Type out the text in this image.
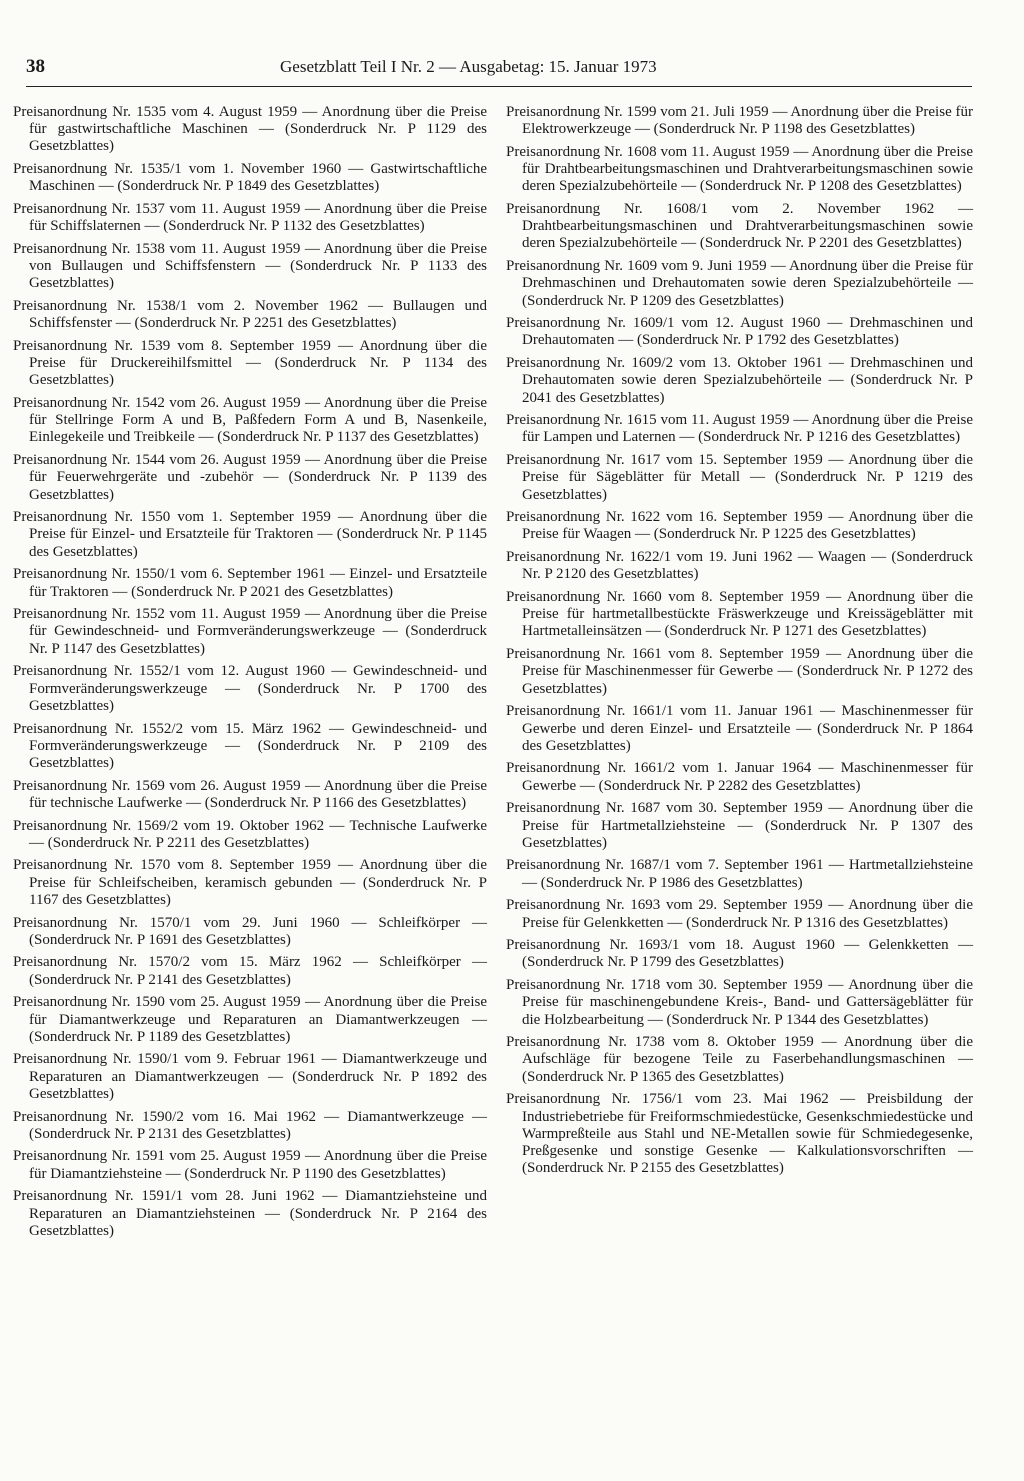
38	Gesetzblatt Teil I Nr. 2 — Ausgabetag: 15. Januar 1973

Preisanordnung Nr. 1535 vom 4. August 1959 — Anordnung über die Preise für gastwirtschaftliche Maschinen — (Sonderdruck Nr. P 1129 des Gesetzblattes)

Preisanordnung Nr. 1535/1 vom 1. November 1960 — Gastwirtschaftliche Maschinen — (Sonderdruck Nr. P 1849 des Gesetzblattes)

Preisanordnung Nr. 1537 vom 11. August 1959 — Anordnung über die Preise für Schiffslaternen — (Sonderdruck Nr. P 1132 des Gesetzblattes)

Preisanordnung Nr. 1538 vom 11. August 1959 — Anordnung über die Preise von Bullaugen und Schiffsfenstern — (Sonderdruck Nr. P 1133 des Gesetzblattes)

Preisanordnung Nr. 1538/1 vom 2. November 1962 — Bullaugen und Schiffsfenster — (Sonderdruck Nr. P 2251 des Gesetzblattes)

Preisanordnung Nr. 1539 vom 8. September 1959 — Anordnung über die Preise für Druckereihilfsmittel — (Sonderdruck Nr. P 1134 des Gesetzblattes)

Preisanordnung Nr. 1542 vom 26. August 1959 — Anordnung über die Preise für Stellringe Form A und B, Paßfedern Form A und B, Nasenkeile, Einlegekeile und Treibkeile — (Sonderdruck Nr. P 1137 des Gesetzblattes)

Preisanordnung Nr. 1544 vom 26. August 1959 — Anordnung über die Preise für Feuerwehrgeräte und -zubehör — (Sonderdruck Nr. P 1139 des Gesetzblattes)

Preisanordnung Nr. 1550 vom 1. September 1959 — Anordnung über die Preise für Einzel- und Ersatzteile für Traktoren — (Sonderdruck Nr. P 1145 des Gesetzblattes)

Preisanordnung Nr. 1550/1 vom 6. September 1961 — Einzel- und Ersatzteile für Traktoren — (Sonderdruck Nr. P 2021 des Gesetzblattes)

Preisanordnung Nr. 1552 vom 11. August 1959 — Anordnung über die Preise für Gewindeschneid- und Formveränderungswerkzeuge — (Sonderdruck Nr. P 1147 des Gesetzblattes)

Preisanordnung Nr. 1552/1 vom 12. August 1960 — Gewindeschneid- und Formveränderungswerkzeuge — (Sonderdruck Nr. P 1700 des Gesetzblattes)

Preisanordnung Nr. 1552/2 vom 15. März 1962 — Gewindeschneid- und Formveränderungswerkzeuge — (Sonderdruck Nr. P 2109 des Gesetzblattes)

Preisanordnung Nr. 1569 vom 26. August 1959 — Anordnung über die Preise für technische Laufwerke — (Sonderdruck Nr. P 1166 des Gesetzblattes)

Preisanordnung Nr. 1569/2 vom 19. Oktober 1962 — Technische Laufwerke — (Sonderdruck Nr. P 2211 des Gesetzblattes)

Preisanordnung Nr. 1570 vom 8. September 1959 — Anordnung über die Preise für Schleifscheiben, keramisch gebunden — (Sonderdruck Nr. P 1167 des Gesetzblattes)

Preisanordnung Nr. 1570/1 vom 29. Juni 1960 — Schleifkörper — (Sonderdruck Nr. P 1691 des Gesetzblattes)

Preisanordnung Nr. 1570/2 vom 15. März 1962 — Schleifkörper — (Sonderdruck Nr. P 2141 des Gesetzblattes)

Preisanordnung Nr. 1590 vom 25. August 1959 — Anordnung über die Preise für Diamantwerkzeuge und Reparaturen an Diamantwerkzeugen — (Sonderdruck Nr. P 1189 des Gesetzblattes)

Preisanordnung Nr. 1590/1 vom 9. Februar 1961 — Diamantwerkzeuge und Reparaturen an Diamantwerkzeugen — (Sonderdruck Nr. P 1892 des Gesetzblattes)

Preisanordnung Nr. 1590/2 vom 16. Mai 1962 — Diamantwerkzeuge — (Sonderdruck Nr. P 2131 des Gesetzblattes)

Preisanordnung Nr. 1591 vom 25. August 1959 — Anordnung über die Preise für Diamantziehsteine — (Sonderdruck Nr. P 1190 des Gesetzblattes)

Preisanordnung Nr. 1591/1 vom 28. Juni 1962 — Diamantziehsteine und Reparaturen an Diamantziehsteinen — (Sonderdruck Nr. P 2164 des Gesetzblattes)

Preisanordnung Nr. 1599 vom 21. Juli 1959 — Anordnung über die Preise für Elektrowerkzeuge — (Sonderdruck Nr. P 1198 des Gesetzblattes)

Preisanordnung Nr. 1608 vom 11. August 1959 — Anordnung über die Preise für Drahtbearbeitungsmaschinen und Drahtverarbeitungsmaschinen sowie deren Spezialzubehörteile — (Sonderdruck Nr. P 1208 des Gesetzblattes)

Preisanordnung Nr. 1608/1 vom 2. November 1962 — Drahtbearbeitungsmaschinen und Drahtverarbeitungsmaschinen sowie deren Spezialzubehörteile — (Sonderdruck Nr. P 2201 des Gesetzblattes)

Preisanordnung Nr. 1609 vom 9. Juni 1959 — Anordnung über die Preise für Drehmaschinen und Drehautomaten sowie deren Spezialzubehörteile — (Sonderdruck Nr. P 1209 des Gesetzblattes)

Preisanordnung Nr. 1609/1 vom 12. August 1960 — Drehmaschinen und Drehautomaten — (Sonderdruck Nr. P 1792 des Gesetzblattes)

Preisanordnung Nr. 1609/2 vom 13. Oktober 1961 — Drehmaschinen und Drehautomaten sowie deren Spezialzubehörteile — (Sonderdruck Nr. P 2041 des Gesetzblattes)

Preisanordnung Nr. 1615 vom 11. August 1959 — Anordnung über die Preise für Lampen und Laternen — (Sonderdruck Nr. P 1216 des Gesetzblattes)

Preisanordnung Nr. 1617 vom 15. September 1959 — Anordnung über die Preise für Sägeblätter für Metall — (Sonderdruck Nr. P 1219 des Gesetzblattes)

Preisanordnung Nr. 1622 vom 16. September 1959 — Anordnung über die Preise für Waagen — (Sonderdruck Nr. P 1225 des Gesetzblattes)

Preisanordnung Nr. 1622/1 vom 19. Juni 1962 — Waagen — (Sonderdruck Nr. P 2120 des Gesetzblattes)

Preisanordnung Nr. 1660 vom 8. September 1959 — Anordnung über die Preise für hartmetallbestückte Fräswerkzeuge und Kreissägeblätter mit Hartmetalleinsätzen — (Sonderdruck Nr. P 1271 des Gesetzblattes)

Preisanordnung Nr. 1661 vom 8. September 1959 — Anordnung über die Preise für Maschinenmesser für Gewerbe — (Sonderdruck Nr. P 1272 des Gesetzblattes)

Preisanordnung Nr. 1661/1 vom 11. Januar 1961 — Maschinenmesser für Gewerbe und deren Einzel- und Ersatzteile — (Sonderdruck Nr. P 1864 des Gesetzblattes)

Preisanordnung Nr. 1661/2 vom 1. Januar 1964 — Maschinenmesser für Gewerbe — (Sonderdruck Nr. P 2282 des Gesetzblattes)

Preisanordnung Nr. 1687 vom 30. September 1959 — Anordnung über die Preise für Hartmetallziehsteine — (Sonderdruck Nr. P 1307 des Gesetzblattes)

Preisanordnung Nr. 1687/1 vom 7. September 1961 — Hartmetallziehsteine — (Sonderdruck Nr. P 1986 des Gesetzblattes)

Preisanordnung Nr. 1693 vom 29. September 1959 — Anordnung über die Preise für Gelenkketten — (Sonderdruck Nr. P 1316 des Gesetzblattes)

Preisanordnung Nr. 1693/1 vom 18. August 1960 — Gelenkketten — (Sonderdruck Nr. P 1799 des Gesetzblattes)

Preisanordnung Nr. 1718 vom 30. September 1959 — Anordnung über die Preise für maschinengebundene Kreis-, Band- und Gattersägeblätter für die Holzbearbeitung — (Sonderdruck Nr. P 1344 des Gesetzblattes)

Preisanordnung Nr. 1738 vom 8. Oktober 1959 — Anordnung über die Aufschläge für bezogene Teile zu Faserbehandlungsmaschinen — (Sonderdruck Nr. P 1365 des Gesetzblattes)

Preisanordnung Nr. 1756/1 vom 23. Mai 1962 — Preisbildung der Industriebetriebe für Freiformschmiedestücke, Gesenkschmiedestücke und Warmpreßteile aus Stahl und NE-Metallen sowie für Schmiedegesenke, Preßgesenke und sonstige Gesenke — Kalkulationsvorschriften — (Sonderdruck Nr. P 2155 des Gesetzblattes)
